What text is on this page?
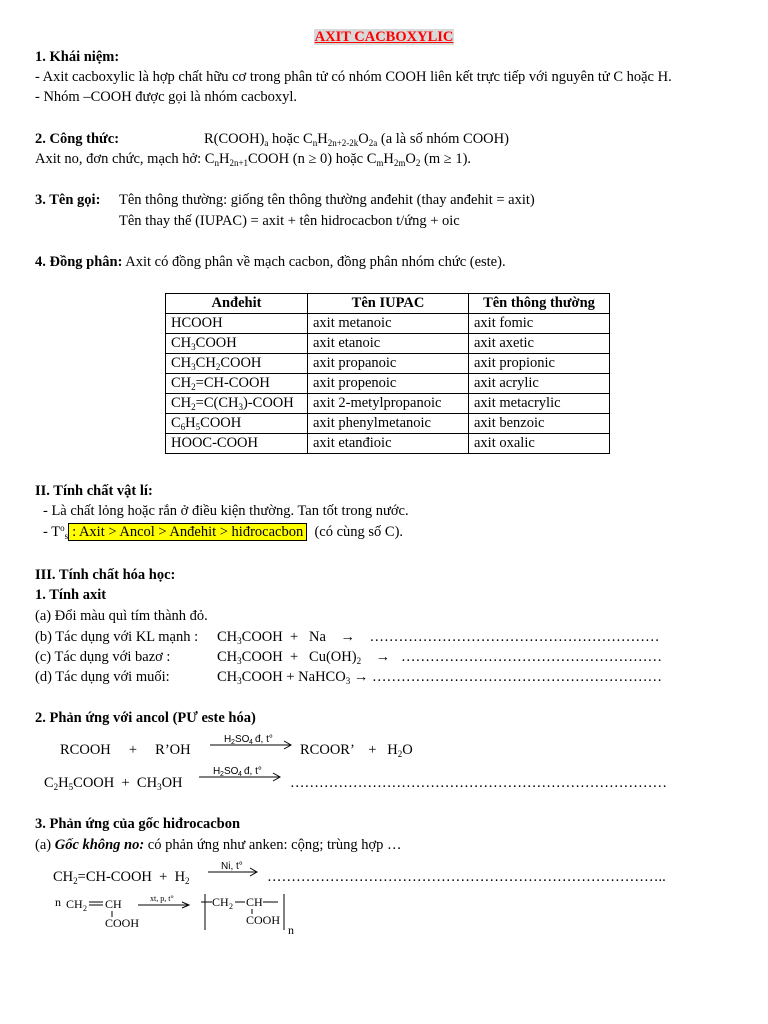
AXIT CACBOXYLIC
1. Khái niệm:
- Axit cacboxylic là hợp chất hữu cơ trong phân tử có nhóm COOH liên kết trực tiếp với nguyên tử C hoặc H.
- Nhóm –COOH được gọi là nhóm cacboxyl.
2. Công thức:	$R(COOH)_a$ hoặc $C_nH_{2n+2-2k}O_{2a}$ (a là số nhóm COOH)
Axit no, đơn chức, mạch hở: $C_nH_{2n+1}COOH$ (n ≥ 0) hoặc $C_mH_{2m}O_2$ (m ≥ 1).
3. Tên gọi: Tên thông thường: giống tên thông thường anđehit (thay anđehit = axit)
Tên thay thế (IUPAC) = axit + tên hidrocacbon t/ứng + oic
4. Đồng phân: Axit có đồng phân về mạch cacbon, đồng phân nhóm chức (este).
Anđehit	Tên IUPAC	Tên thông thường
HCOOH	axit metanoic	axit fomic
$CH_3COOH$	axit etanoic	axit axetic
$CH_3CH_2COOH$	axit propanoic	axit propionic
$CH_2=CH$-COOH	axit propenoic	axit acrylic
$CH_2=C(CH_3)$-COOH	axit 2-metylpropanoic	axit metacrylic
$C_6H_5COOH$	axit phenylmetanoic	axit benzoic
HOOC-COOH	axit etanđioic	axit oxalic
II. Tính chất vật lí:
- Là chất lỏng hoặc rắn ở điều kiện thường. Tan tốt trong nước.
- $T^o_s$ : Axit > Ancol > Anđehit > hiđrocacbon (có cùng số C).
III. Tính chất hóa học:
1. Tính axit
(a) Đổi màu quì tím thành đỏ.
(b) Tác dụng với KL mạnh : $CH_3COOH + Na$    →    ……………………………………………………
(c) Tác dụng với bazơ :	$CH_3COOH + Cu(OH)_2$    →   ………………………………………………
(d) Tác dụng với muối:	$CH_3COOH$ + NaHCO$_3$ → ……………………………………………………
2. Phản ứng với ancol (PƯ este hóa)
RCOOH     +     R’OH
H 2 SO 4 đ, t°
RCOOR’    +   $H_2O$
$C_2H_5COOH + CH_3OH$
H 2 SO 4 đ, t°
……………………………………………………………………
3. Phản ứng của gốc hiđrocacbon
(a) Gốc không no: có phản ứng như anken: cộng; trùng hợp …
$CH_2=CH$-COOH  +  $H_2$
Ni, t°
………………………………………………………………………..
n CH 2 CH
COOH
xt, p, t°	CH 2 CH
COOH
n
